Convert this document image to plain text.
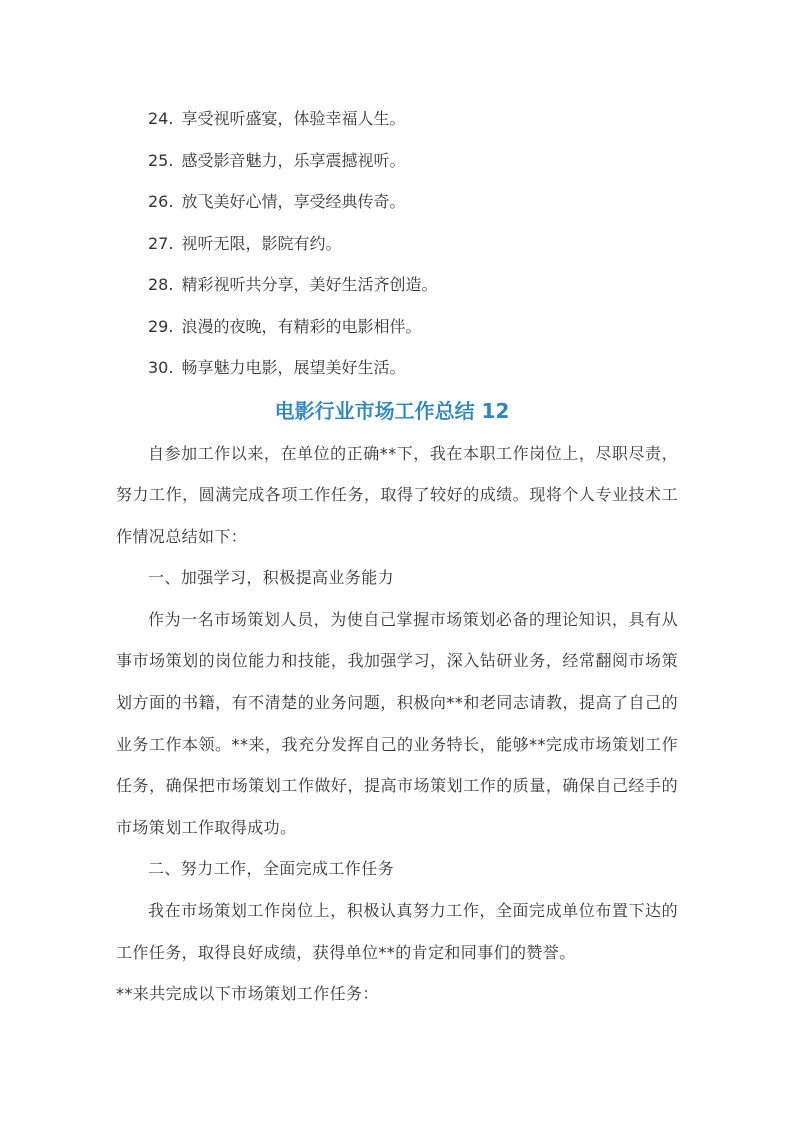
24. 享受视听盛宴，体验幸福人生。

25. 感受影音魅力，乐享震撼视听。

26. 放飞美好心情，享受经典传奇。

27. 视听无限，影院有约。

28. 精彩视听共分享，美好生活齐创造。

29. 浪漫的夜晚，有精彩的电影相伴。

30. 畅享魅力电影，展望美好生活。

电影行业市场工作总结 12

自参加工作以来，在单位的正确**下，我在本职工作岗位上，尽职尽责，努力工作，圆满完成各项工作任务，取得了较好的成绩。现将个人专业技术工作情况总结如下：

一、加强学习，积极提高业务能力

作为一名市场策划人员，为使自己掌握市场策划必备的理论知识，具有从事市场策划的岗位能力和技能，我加强学习，深入钻研业务，经常翻阅市场策划方面的书籍，有不清楚的业务问题，积极向**和老同志请教，提高了自己的业务工作本领。**来，我充分发挥自己的业务特长，能够**完成市场策划工作任务，确保把市场策划工作做好，提高市场策划工作的质量，确保自己经手的市场策划工作取得成功。

二、努力工作，全面完成工作任务

我在市场策划工作岗位上，积极认真努力工作，全面完成单位布置下达的工作任务，取得良好成绩，获得单位**的肯定和同事们的赞誉。

**来共完成以下市场策划工作任务：
